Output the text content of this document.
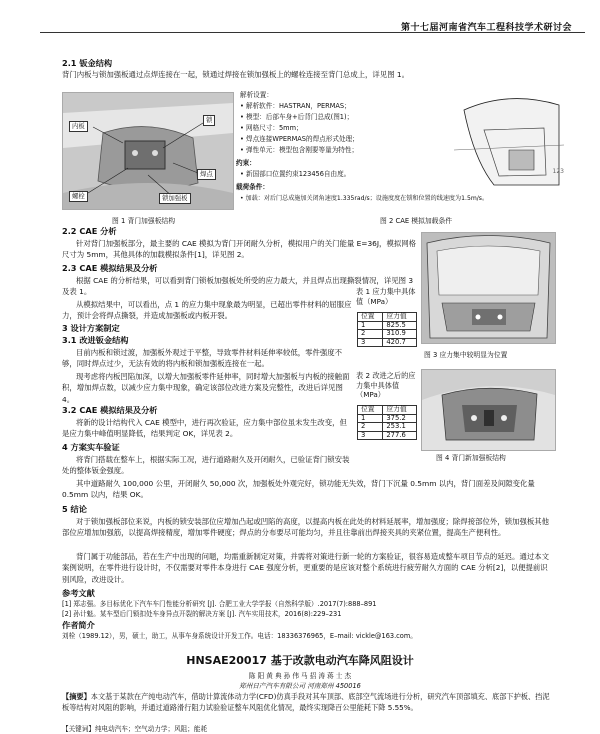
第十七届河南省汽车工程科技学术研讨会
2.1 钣金结构
背门内板与锁加强板通过点焊连接在一起，锁通过焊接在锁加强板上的螺栓连接至背门总成上，详见图 1。
内板
锁
焊点
锁加强板
螺栓
图 1 背门加强板结构
解析设置：
• 解析软件：HASTRAN，PERMAS；
• 模型：后部车身+后背门总成(图1)；
• 网格尺寸：5mm；
• 焊点连接WPERMAS的焊点形式处理；
• 弹性单元：模型包含刚要等量为特性；
约束：
• 新国部口位置约束123456自由度。
载荷条件：
• 加载：对后门总成施加关闭角速度1.335rad/s；设施度度在锁和位置的线速度为1.5m/s。
123
图 2 CAE 模拟加载条件
2.2 CAE 分析
针对背门加强板部分，最主要的 CAE 模拟为背门开闭耐久分析，模拟用户的关门能量 E=36J，模拟网格尺寸为 5mm，其他具体的加载模拟条件[1]，详见图 2。
2.3 CAE 模拟结果及分析
根据 CAE 的分析结果，可以看到背门锁板加强板处所受的应力最大，并且焊点出现撕裂情况，详见图 3 及表 1。
从模拟结果中，可以看出，点 1 的应力集中现象最为明显，已超出零件材料的屈服应力，预计会将焊点撕裂，并造成加强板或内板开裂。
表 1 应力集中具体值（MPa）
位置	应力值
1	825.5
2	310.9
3	420.7
图 3 应力集中较明显为位置
3 设计方案制定
3.1 改进钣金结构
目前内板和锁过渡，加强板外观过于平整，导致零件材料延伸率较低，零件强度不够，同时焊点过少，无法有效的将内板和锁加强板连接在一起。
现考虑将内板凹陷加深，以增大加强板零件延伸率，同时增大加强板与内板的接触面积，增加焊点数，以减少应力集中现象，确定该部位改进方案及完整性，改进后详见图 4。
表 2 改进之后的应力集中具体值（MPa）
位置	应力值
1	375.2
2	253.1
3	277.6
图 4 背门新加强板结构
3.2 CAE 模拟结果及分析
将新的设计结构代入 CAE 模型中，进行再次验证，应力集中部位虽未发生改变，但是应力集中峰值明显降低，结果判定 OK，详见表 2。
4 方案实车验证
将背门搭载在整车上，根据实际工况，进行道路耐久及开闭耐久，已验证背门锁安装处的整体钣金强度。
其中道路耐久 100,000 公里，开闭耐久 50,000 次，加强板处外观完好，锁功能无失效，背门下沉量 0.5mm 以内，背门面差及间隙变化量 0.5mm 以内，结果 OK。
5 结论
对于锁加强板部位来说，内板的锁安装部位应增加凸起或凹陷的高度，以提高内板在此处的材料延展率，增加强度；除焊接部位外，锁加强板其他部位应增加加强筋，以提高焊接精度，增加零件硬度；焊点的分布要尽可能均匀，并且往靠前出焊接夹具的夹紧位置，提高生产便利性。
背门属于功能部品，若在生产中出现的问题，均需重新制定对策，并需将对策进行新一轮的方案验证，很容易造成整车项目节点的延迟。通过本文案例说明，在零件进行设计时，不仅需要对零件本身进行 CAE 强度分析，更重要的是应该对整个系统进行疲劳耐久方面的 CAE 分析[2]，以便提前识别风险，改进设计。
参考文献
[1] 郑志强。多目标优化下汽车车门性能分析研究 [J]. 合肥工业大学学报（自然科学版）.2017(7):888–891
[2] 孙计魁。某车型后门锁扣处车身异点开裂的解决方案 [J]. 汽车实用技术，2016(8):229–231
作者简介
刘栓（1989.12），男，硕士，助工，从事车身系统设计开发工作。电话：18336376965，E–mail: vickle@163.com。
HNSAE20017 基于改款电动汽车降风阻设计
陈 阳 黄 典 孙 伟 马 招 涛 蒋 士 杰
郑州日产汽车有限公司 河南郑州 450016
【摘要】本文基于某款在产纯电动汽车，借助计算流体动力学(CFD)仿真手段对其车顶部、底部空气流场进行分析，研究汽车顶部填充、底部下护板、挡泥板等结构对风阻的影响，并通过道路滑行阻力试验验证整车风阻优化情况，最终实现降百公里能耗下降 5.55%。
【关键词】纯电动汽车；空气动力学；风阻；能耗
